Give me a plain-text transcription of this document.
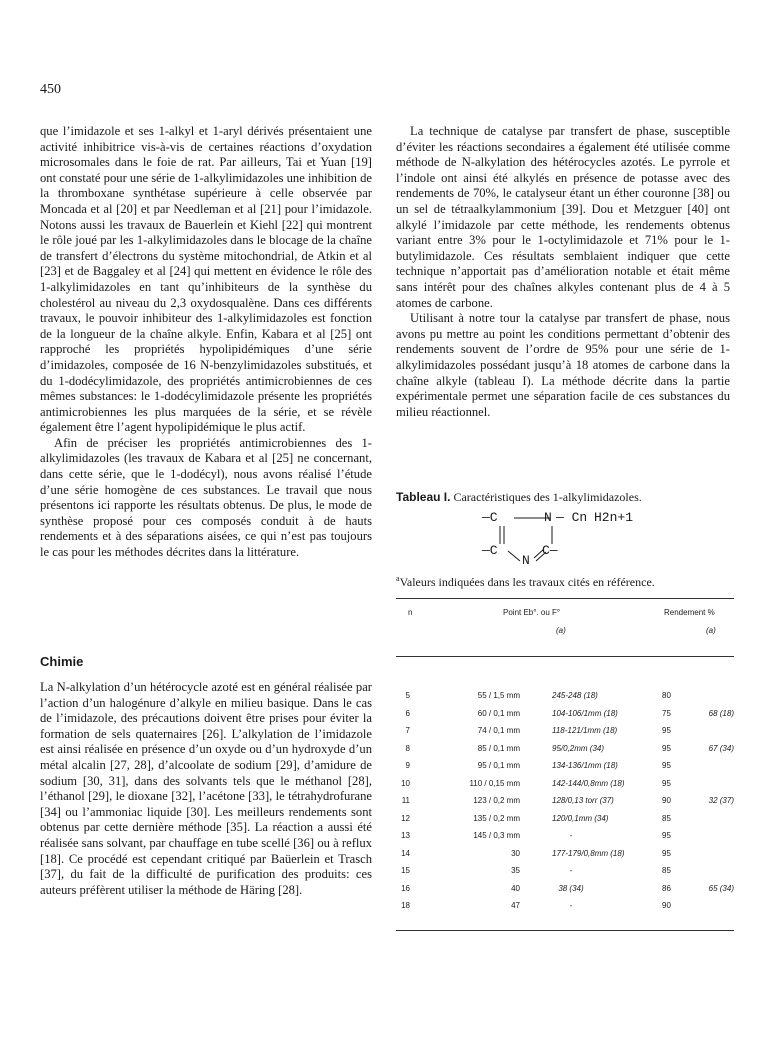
450

que l’imidazole et ses 1-alkyl et 1-aryl dérivés présentaient une activité inhibitrice vis-à-vis de certaines réactions d’oxydation microsomales dans le foie de rat. Par ailleurs, Tai et Yuan [19] ont constaté pour une série de 1-alkylimidazoles une inhibition de la thromboxane synthétase supérieure à celle observée par Moncada et al [20] et par Needleman et al [21] pour l’imidazole. Notons aussi les travaux de Bauerlein et Kiehl [22] qui montrent le rôle joué par les 1-alkylimidazoles dans le blocage de la chaîne de transfert d’électrons du système mitochondrial, de Atkin et al [23] et de Baggaley et al [24] qui mettent en évidence le rôle des 1-alkylimidazoles en tant qu’inhibiteurs de la synthèse du cholestérol au niveau du 2,3 oxydosqualène. Dans ces différents travaux, le pouvoir inhibiteur des 1-alkylimidazoles est fonction de la longueur de la chaîne alkyle. Enfin, Kabara et al [25] ont rapproché les propriétés hypolipidémiques d’une série d’imidazoles, composée de 16 N-benzylimidazoles substitués, et du 1-dodécylimidazole, des propriétés antimicrobiennes de ces mêmes substances: le 1-dodécylimidazole présente les propriétés antimicrobiennes les plus marquées de la série, et se révèle également être l’agent hypolipidémique le plus actif.

Afin de préciser les propriétés antimicrobiennes des 1-alkylimidazoles (les travaux de Kabara et al [25] ne concernant, dans cette série, que le 1-dodécyl), nous avons réalisé l’étude d’une série homogène de ces substances. Le travail que nous présentons ici rapporte les résultats obtenus. De plus, le mode de synthèse proposé pour ces composés conduit à de hauts rendements et à des séparations aisées, ce qui n’est pas toujours le cas pour les méthodes décrites dans la littérature.

Chimie

La N-alkylation d’un hétérocycle azoté est en général réalisée par l’action d’un halogénure d’alkyle en milieu basique. Dans le cas de l’imidazole, des précautions doivent être prises pour éviter la formation de sels quaternaires [26]. L’alkylation de l’imidazole est ainsi réalisée en présence d’un oxyde ou d’un hydroxyde d’un métal alcalin [27, 28], d’alcoolate de sodium [29], d’amidure de sodium [30, 31], dans des solvants tels que le méthanol [28], l’éthanol [29], le dioxane [32], l’acétone [33], le tétrahydrofurane [34] ou l’ammoniac liquide [30]. Les meilleurs rendements sont obtenus par cette dernière méthode [35]. La réaction a aussi été réalisée sans solvant, par chauffage en tube scellé [36] ou à reflux [18]. Ce procédé est cependant critiqué par Baüerlein et Trasch [37], du fait de la difficulté de purification des produits: ces auteurs préfèrent utiliser la méthode de Häring [28].

La technique de catalyse par transfert de phase, susceptible d’éviter les réactions secondaires a également été utilisée comme méthode de N-alkylation des hétérocycles azotés. Le pyrrole et l’indole ont ainsi été alkylés en présence de potasse avec des rendements de 70%, le catalyseur étant un éther couronne [38] ou un sel de tétraalkylammonium [39]. Dou et Metzguer [40] ont alkylé l’imidazole par cette méthode, les rendements obtenus variant entre 3% pour le 1-octylimidazole et 71% pour le 1-butylimidazole. Ces résultats semblaient indiquer que cette technique n’apportait pas d’amélioration notable et était même sans intérêt pour des chaînes alkyles contenant plus de 4 à 5 atomes de carbone.

Utilisant à notre tour la catalyse par transfert de phase, nous avons pu mettre au point les conditions permettant d’obtenir des rendements souvent de l’ordre de 95% pour une série de 1-alkylimidazoles possédant jusqu’à 18 atomes de carbone dans la chaîne alkyle (tableau I). La méthode décrite dans la partie expérimentale permet une séparation facile de ces substances du milieu réactionnel.

Tableau I. Caractéristiques des 1-alkylimidazoles.
—C	N — Cn H2n+1
—C
N
C—
$^a$Valeurs indiquées dans les travaux cités en référence.
n	Point Eb°. ou F°	Rendement %
(a)	(a)
5	55 / 1,5 mm	245-248 (18)	80
6	60 / 0,1 mm	104-106/1mm (18)	75	68 (18)
7	74 / 0,1 mm	118-121/1mm (18)	95
8	85 / 0,1 mm	95/0,2mm (34)	95	67 (34)
9	95 / 0,1 mm	134-136/1mm (18)	95
10	110 / 0,15 mm	142-144/0,8mm (18)	95
11	123 / 0,2 mm	128/0,13 torr (37)	90	32 (37)
12	135 / 0,2 mm	120/0,1mm (34)	85
13	145 / 0,3 mm	-	95
14	30	177-179/0,8mm (18)	95
15	35	-	85
16	40	38 (34)	86	65 (34)
18	47	-	90
